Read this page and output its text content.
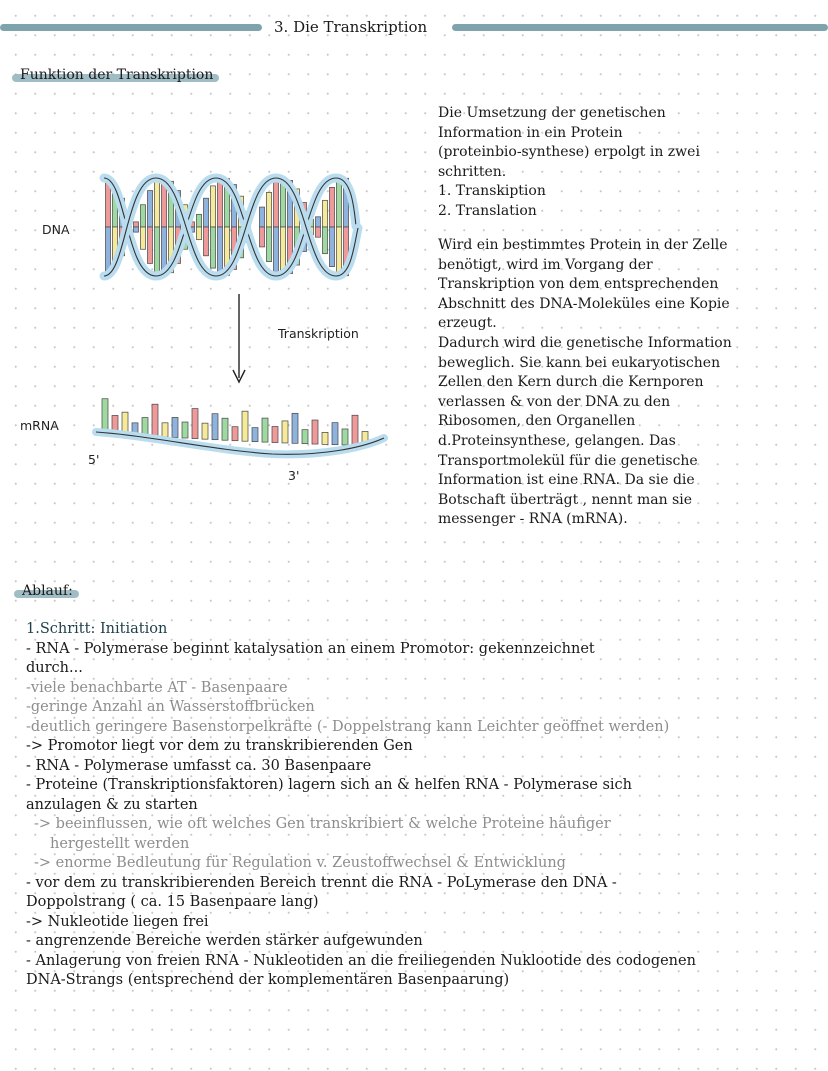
3. Die Transkription
Funktion der Transkription
DNA
Transkription
mRNA
5'
3'

Die Umsetzung der genetischen

Information in ein Protein

(proteinbio-synthese) erpolgt in zwei

schritten.

1. Transkiption

2. Translation

Wird ein bestimmtes Protein in der Zelle

benötigt, wird im Vorgang der

Transkription von dem entsprechenden

Abschnitt des DNA-Moleküles eine Kopie

erzeugt.

Dadurch wird die genetische Information

beweglich. Sie kann bei eukaryotischen

Zellen den Kern durch die Kernporen

verlassen & von der DNA zu den

Ribosomen, den Organellen

d.Proteinsynthese, gelangen. Das

Transportmolekül für die genetische

Information ist eine RNA. Da sie die

Botschaft überträgt , nennt man sie

messenger - RNA (mRNA).

Ablauf:
1.Schritt: Initiation
- RNA - Polymerase beginnt katalysation an einem Promotor: gekennzeichnet
durch...
-viele benachbarte AT - Basenpaare
-geringe Anzahl an Wasserstoffbrücken
-deutlich geringere Basenstorpelkräfte (- Doppelstrang kann Leichter geöffnet werden)
-> Promotor liegt vor dem zu transkribierenden Gen
- RNA - Polymerase umfasst ca. 30 Basenpaare
- Proteine (Transkriptionsfaktoren) lagern sich an & helfen RNA - Polymerase sich
anzulagen & zu starten
-> beeinflussen, wie oft welches Gen transkribiert & welche Proteine häufiger
hergestellt werden
-> enorme Bedleutung für Regulation v. Zeustoffwechsel & Entwicklung
- vor dem zu transkribierenden Bereich trennt die RNA - PoLymerase den DNA -
Doppolstrang ( ca. 15 Basenpaare lang)
-> Nukleotide liegen frei
- angrenzende Bereiche werden stärker aufgewunden
- Anlagerung von freien RNA - Nukleotiden an die freiliegenden Nuklootide des codogenen
DNA-Strangs (entsprechend der komplementären Basenpaarung)
